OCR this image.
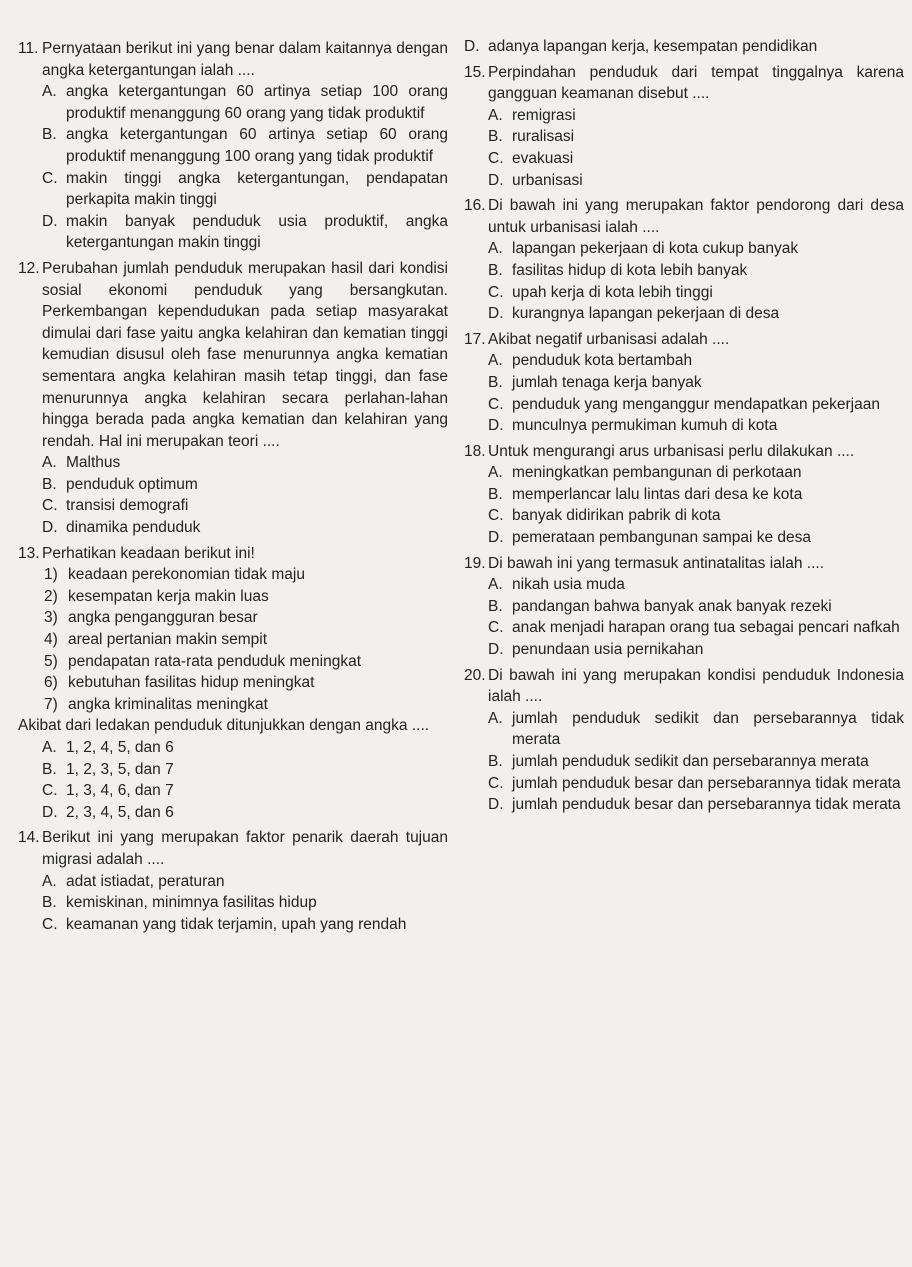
11. Pernyataan berikut ini yang benar dalam kaitannya dengan angka ketergantungan ialah ....
A. angka ketergantungan 60 artinya setiap 100 orang produktif menanggung 60 orang yang tidak produktif
B. angka ketergantungan 60 artinya setiap 60 orang produktif menanggung 100 orang yang tidak produktif
C. makin tinggi angka ketergantungan, pendapatan perkapita makin tinggi
D. makin banyak penduduk usia produktif, angka ketergantungan makin tinggi
12. Perubahan jumlah penduduk merupakan hasil dari kondisi sosial ekonomi penduduk yang bersangkutan. Perkembangan kependudukan pada setiap masyarakat dimulai dari fase yaitu angka kelahiran dan kematian tinggi kemudian disusul oleh fase menurunnya angka kematian sementara angka kelahiran masih tetap tinggi, dan fase menurunnya angka kelahiran secara perlahan-lahan hingga berada pada angka kematian dan kelahiran yang rendah. Hal ini merupakan teori ....
A. Malthus
B. penduduk optimum
C. transisi demografi
D. dinamika penduduk
13. Perhatikan keadaan berikut ini!
1) keadaan perekonomian tidak maju
2) kesempatan kerja makin luas
3) angka pengangguran besar
4) areal pertanian makin sempit
5) pendapatan rata-rata penduduk meningkat
6) kebutuhan fasilitas hidup meningkat
7) angka kriminalitas meningkat
Akibat dari ledakan penduduk ditunjukkan dengan angka ....
A. 1, 2, 4, 5, dan 6
B. 1, 2, 3, 5, dan 7
C. 1, 3, 4, 6, dan 7
D. 2, 3, 4, 5, dan 6
14. Berikut ini yang merupakan faktor penarik daerah tujuan migrasi adalah ....
A. adat istiadat, peraturan
B. kemiskinan, minimnya fasilitas hidup
C. keamanan yang tidak terjamin, upah yang rendah
D. adanya lapangan kerja, kesempatan pendidikan
15. Perpindahan penduduk dari tempat tinggalnya karena gangguan keamanan disebut ....
A. remigrasi
B. ruralisasi
C. evakuasi
D. urbanisasi
16. Di bawah ini yang merupakan faktor pendorong dari desa untuk urbanisasi ialah ....
A. lapangan pekerjaan di kota cukup banyak
B. fasilitas hidup di kota lebih banyak
C. upah kerja di kota lebih tinggi
D. kurangnya lapangan pekerjaan di desa
17. Akibat negatif urbanisasi adalah ....
A. penduduk kota bertambah
B. jumlah tenaga kerja banyak
C. penduduk yang menganggur mendapatkan pekerjaan
D. munculnya permukiman kumuh di kota
18. Untuk mengurangi arus urbanisasi perlu dilakukan ....
A. meningkatkan pembangunan di perkotaan
B. memperlancar lalu lintas dari desa ke kota
C. banyak didirikan pabrik di kota
D. pemerataan pembangunan sampai ke desa
19. Di bawah ini yang termasuk antinatalitas ialah ....
A. nikah usia muda
B. pandangan bahwa banyak anak banyak rezeki
C. anak menjadi harapan orang tua sebagai pencari nafkah
D. penundaan usia pernikahan
20. Di bawah ini yang merupakan kondisi penduduk Indonesia ialah ....
A. jumlah penduduk sedikit dan persebarannya tidak merata
B. jumlah penduduk sedikit dan persebarannya merata
C. jumlah penduduk besar dan persebarannya tidak merata
D. jumlah penduduk besar dan persebarannya tidak merata
